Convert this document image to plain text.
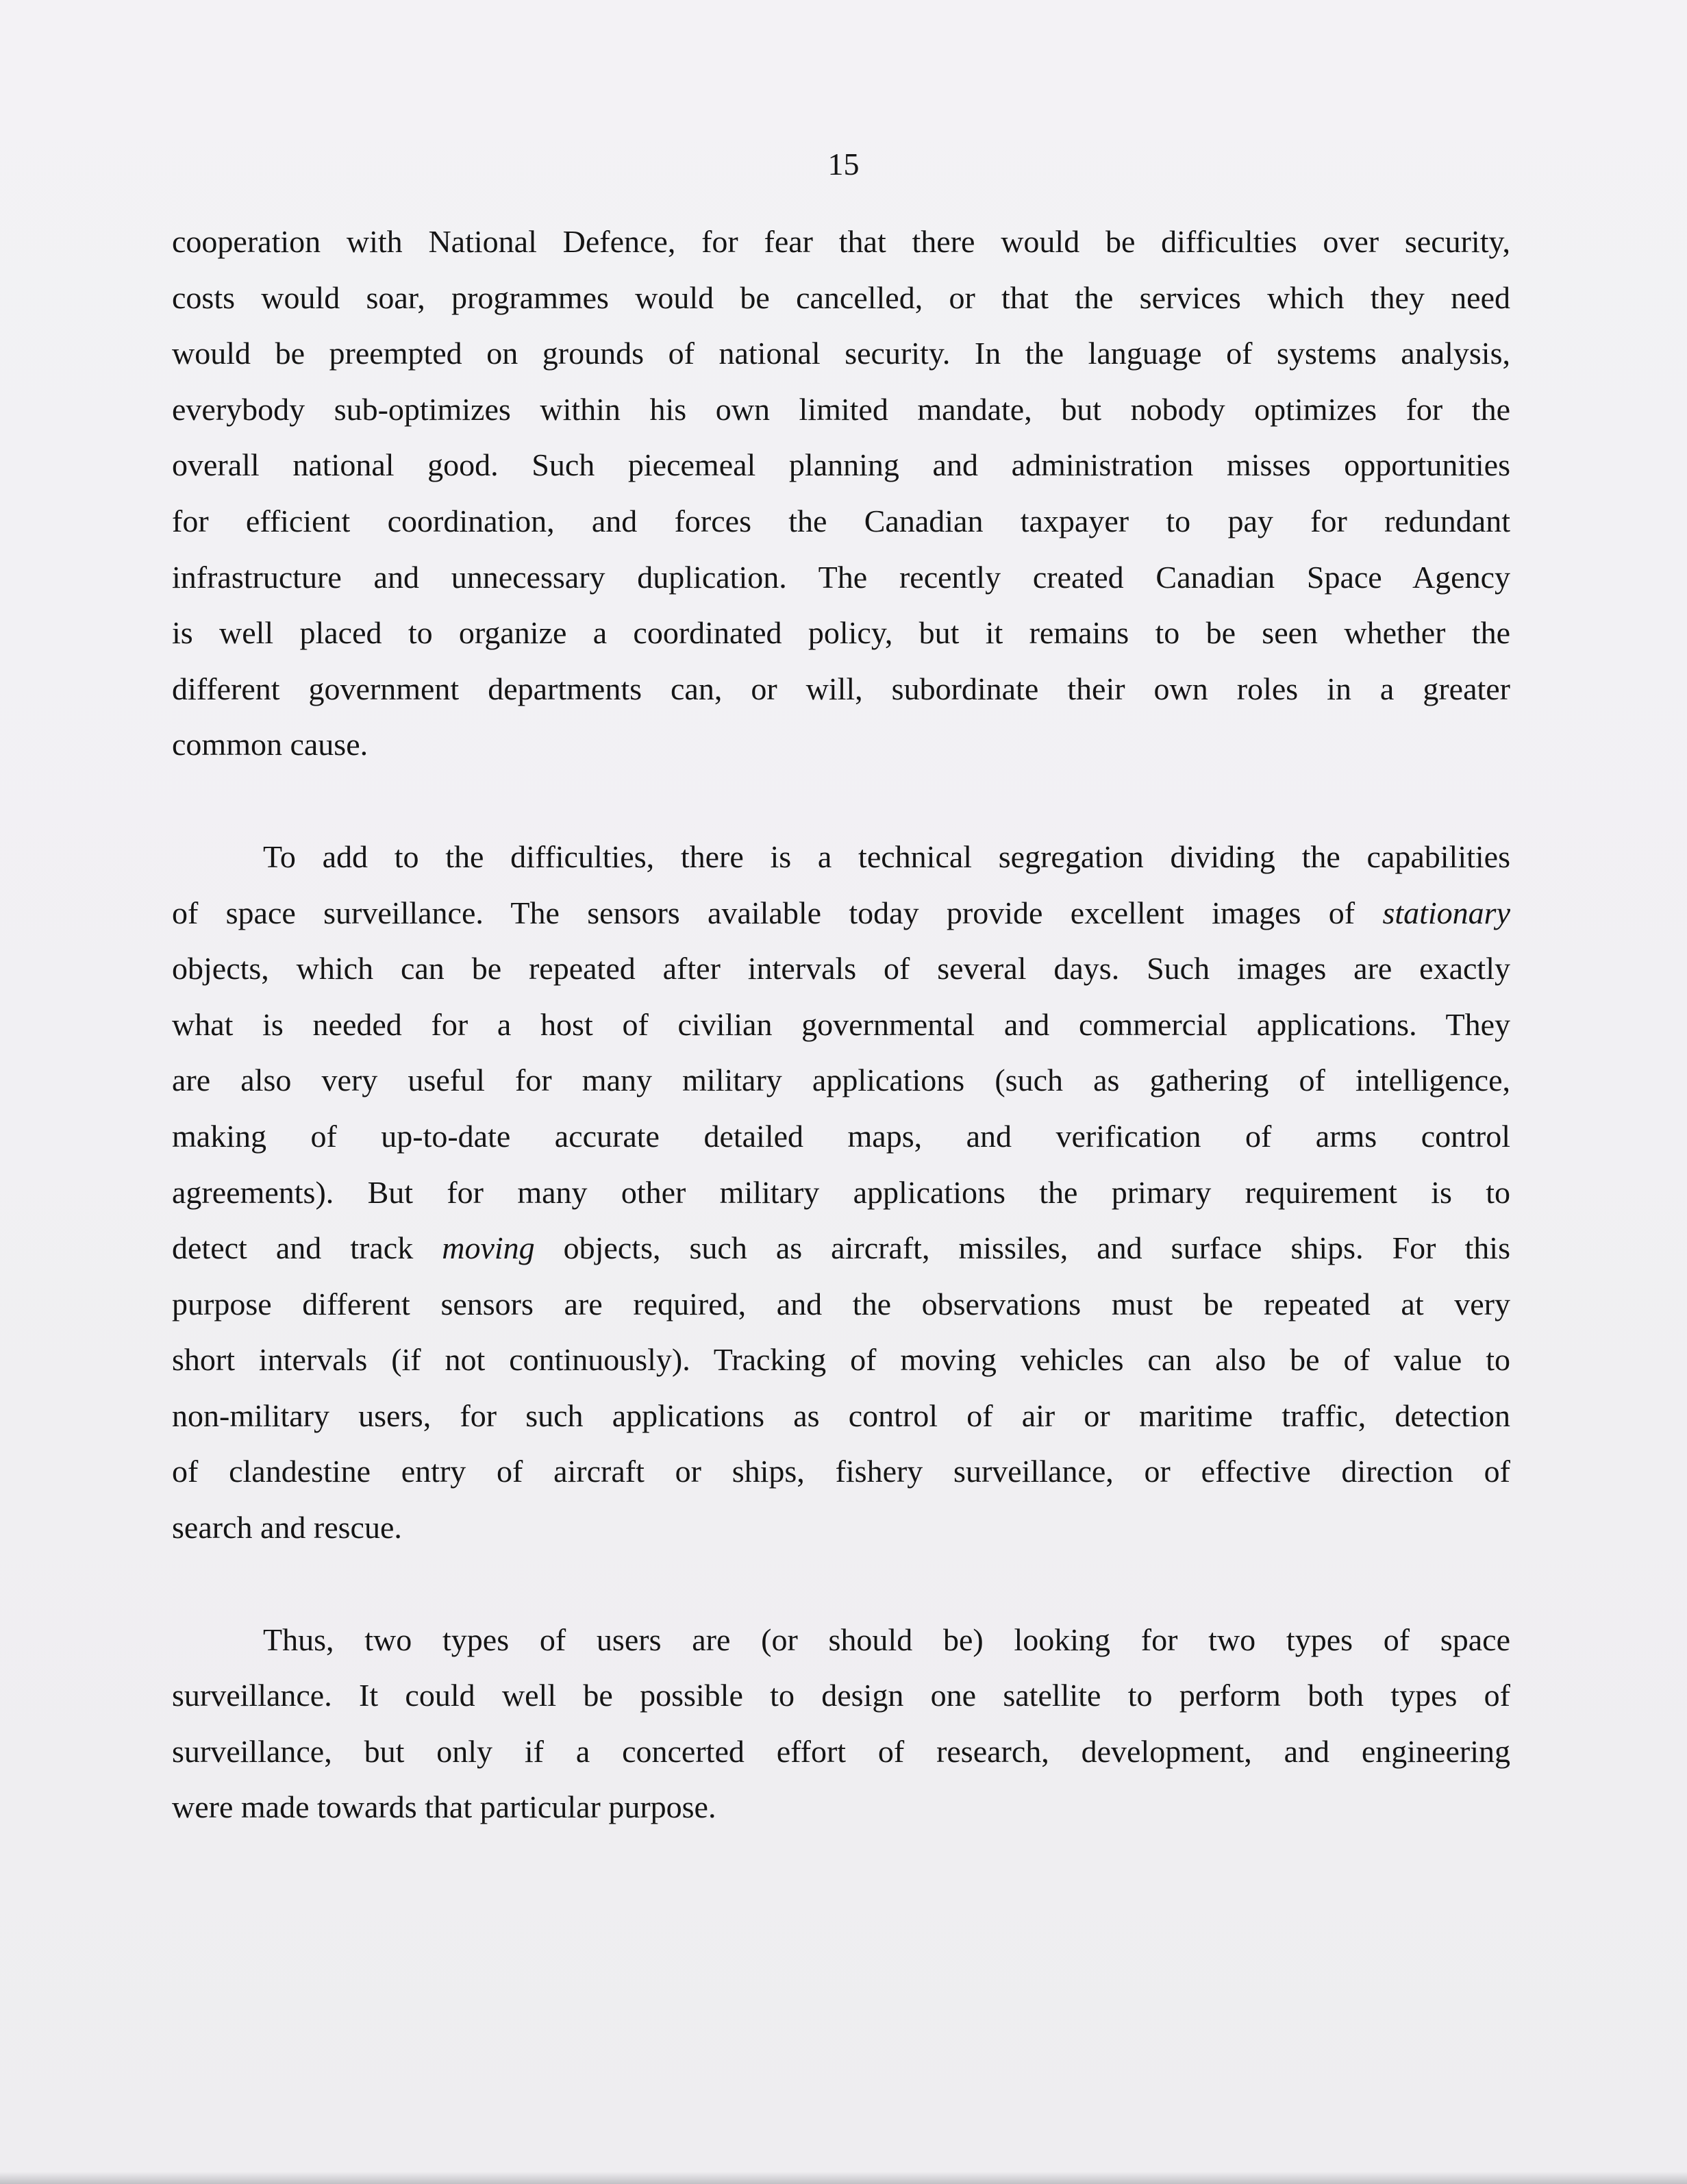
15

cooperation with National Defence, for fear that there would be difficulties over security,
costs would soar, programmes would be cancelled, or that the services which they need
would be preempted on grounds of national security. In the language of systems analysis,
everybody sub-optimizes within his own limited mandate, but nobody optimizes for the
overall national good. Such piecemeal planning and administration misses opportunities
for efficient coordination, and forces the Canadian taxpayer to pay for redundant
infrastructure and unnecessary duplication. The recently created Canadian Space Agency
is well placed to organize a coordinated policy, but it remains to be seen whether the
different government departments can, or will, subordinate their own roles in a greater
common cause.

To add to the difficulties, there is a technical segregation dividing the capabilities
of space surveillance. The sensors available today provide excellent images of stationary
objects, which can be repeated after intervals of several days. Such images are exactly
what is needed for a host of civilian governmental and commercial applications. They
are also very useful for many military applications (such as gathering of intelligence,
making of up-to-date accurate detailed maps, and verification of arms control
agreements). But for many other military applications the primary requirement is to
detect and track moving objects, such as aircraft, missiles, and surface ships. For this
purpose different sensors are required, and the observations must be repeated at very
short intervals (if not continuously). Tracking of moving vehicles can also be of value to
non-military users, for such applications as control of air or maritime traffic, detection
of clandestine entry of aircraft or ships, fishery surveillance, or effective direction of
search and rescue.

Thus, two types of users are (or should be) looking for two types of space
surveillance. It could well be possible to design one satellite to perform both types of
surveillance, but only if a concerted effort of research, development, and engineering
were made towards that particular purpose.
